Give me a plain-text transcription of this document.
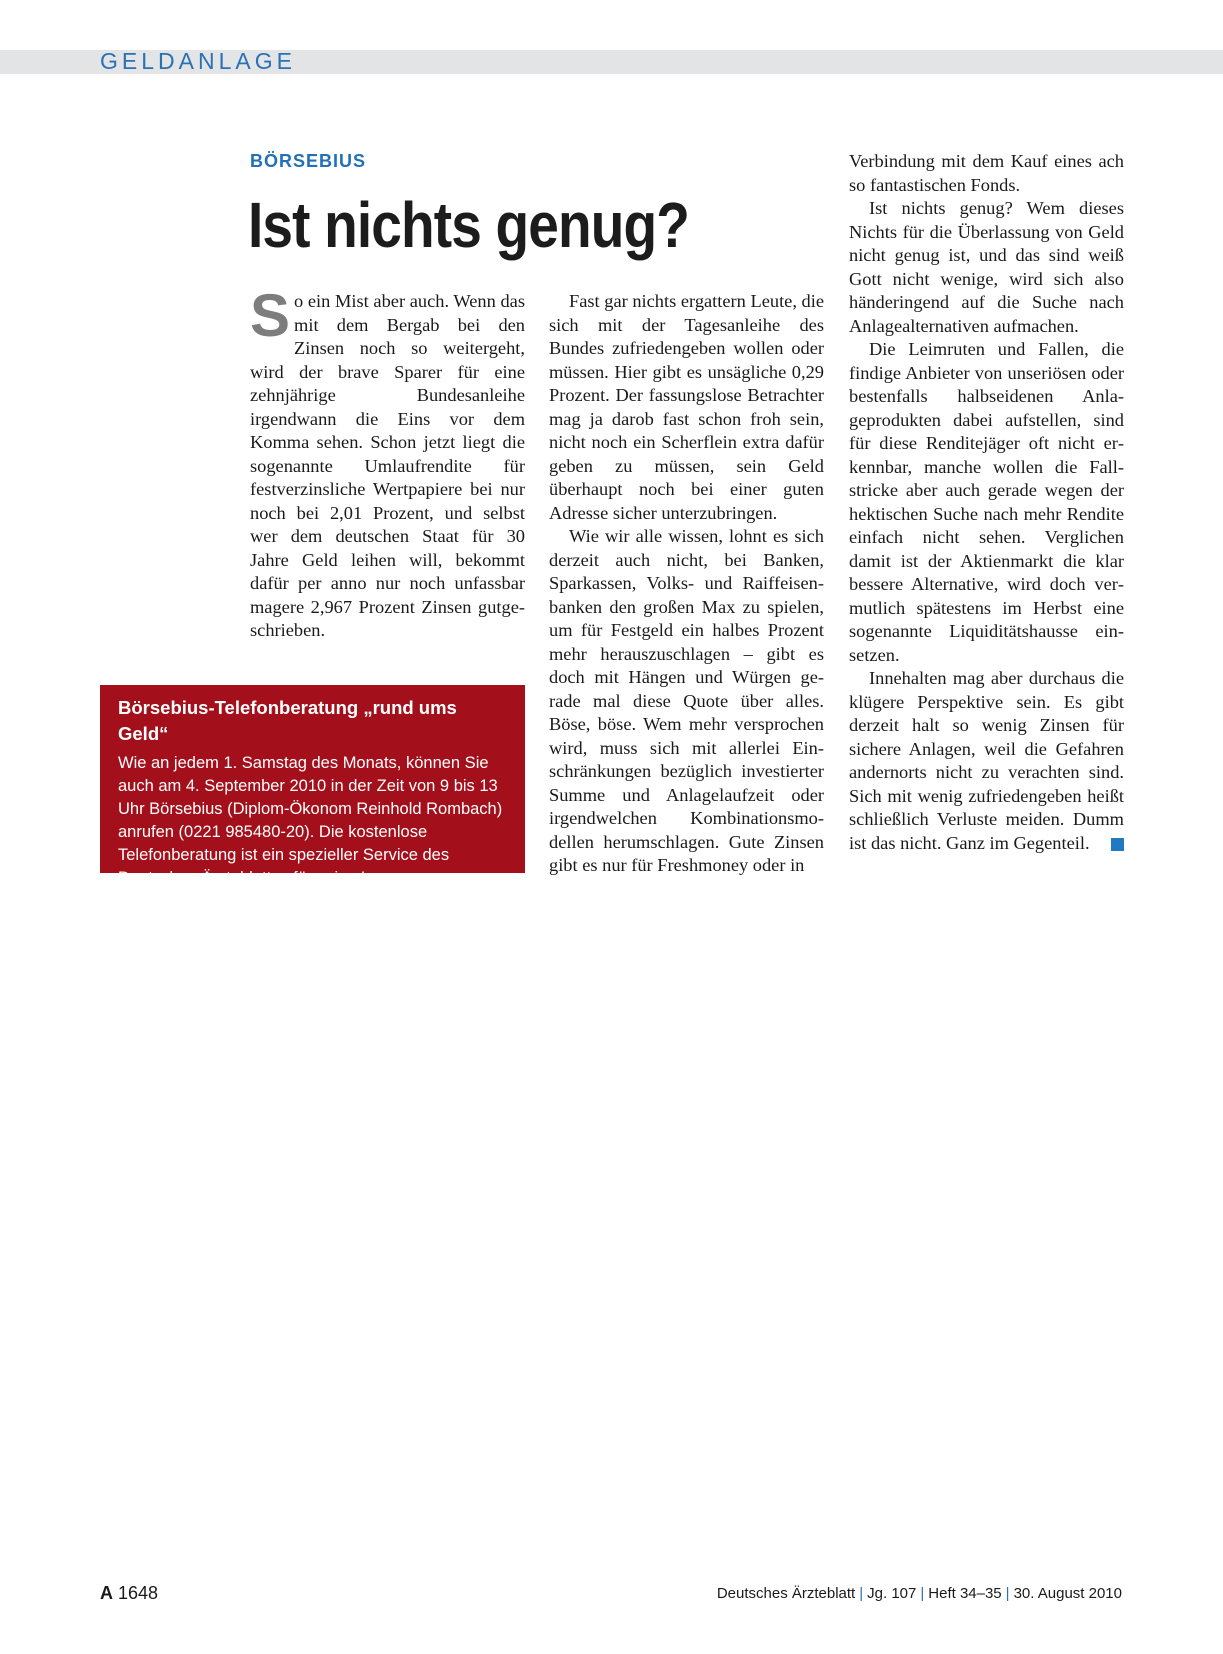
GELDANLAGE
BÖRSEBIUS
Ist nichts genug?

So ein Mist aber auch. Wenn das mit dem Bergab bei den Zinsen noch so weitergeht, wird der brave Sparer für eine zehnjährige Bundesanleihe irgendwann die Eins vor dem Komma sehen. Schon jetzt liegt die sogenannte Umlaufrendite für festverzinsliche Wertpapiere bei nur noch bei 2,01 Prozent, und selbst wer dem deutschen Staat für 30 Jahre Geld leihen will, bekommt dafür per anno nur noch unfassbar magere 2,967 Prozent Zinsen gutgeschrieben.

Börsebius-Telefonberatung „rund ums Geld“

Wie an jedem 1. Samstag des Monats, können Sie auch am 4. September 2010 in der Zeit von 9 bis 13 Uhr Börsebius (Diplom-Ökonom Reinhold Rombach) anrufen (0221 985480-20). Die kostenlose Telefonberatung ist ein spezieller Service des Deutschen Ärzteblattes für seine Leser.

Fast gar nichts ergattern Leute, die sich mit der Tagesanleihe des Bundes zufriedengeben wollen oder müssen. Hier gibt es unsägliche 0,29 Prozent. Der fassungslose Betrachter mag ja darob fast schon froh sein, nicht noch ein Scherflein extra dafür geben zu müssen, sein Geld überhaupt noch bei einer guten Adresse sicher unterzubringen.

Wie wir alle wissen, lohnt es sich derzeit auch nicht, bei Banken, Sparkassen, Volks- und Raiffeisenbanken den großen Max zu spielen, um für Festgeld ein halbes Prozent mehr herauszuschlagen – gibt es doch mit Hängen und Würgen gerade mal diese Quote über alles. Böse, böse. Wem mehr versprochen wird, muss sich mit allerlei Einschränkungen bezüglich investierter Summe und Anlagelaufzeit oder irgendwelchen Kombinationsmodellen herumschlagen. Gute Zinsen gibt es nur für Freshmoney oder in

Verbindung mit dem Kauf eines ach so fantastischen Fonds.

Ist nichts genug? Wem dieses Nichts für die Überlassung von Geld nicht genug ist, und das sind weiß Gott nicht wenige, wird sich also händeringend auf die Suche nach Anlagealternativen aufmachen.

Die Leimruten und Fallen, die findige Anbieter von unseriösen oder bestenfalls halbseidenen Anlageprodukten dabei aufstellen, sind für diese Renditejäger oft nicht erkennbar, manche wollen die Fallstricke aber auch gerade wegen der hektischen Suche nach mehr Rendite einfach nicht sehen. Verglichen damit ist der Aktienmarkt die klar bessere Alternative, wird doch vermutlich spätestens im Herbst eine sogenannte Liquiditätshausse einsetzen.

Innehalten mag aber durchaus die klügere Perspektive sein. Es gibt derzeit halt so wenig Zinsen für sichere Anlagen, weil die Gefahren andernorts nicht zu verachten sind. Sich mit wenig zufriedengeben heißt schließlich Verluste meiden. Dumm ist das nicht. Ganz im Gegenteil.

A 1648	Deutsches Ärzteblatt | Jg. 107 | Heft 34–35 | 30. August 2010
